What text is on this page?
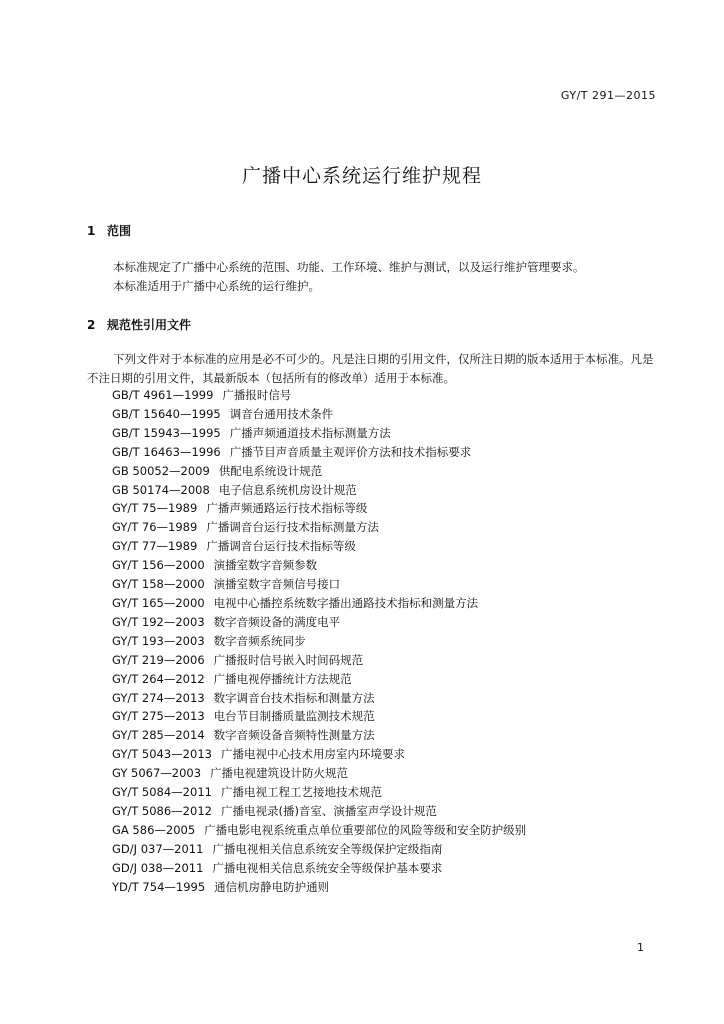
GY/T 291—2015
广播中心系统运行维护规程
1 范围
本标准规定了广播中心系统的范围、功能、工作环境、维护与测试，以及运行维护管理要求。
本标准适用于广播中心系统的运行维护。
2 规范性引用文件
下列文件对于本标准的应用是必不可少的。凡是注日期的引用文件，仅所注日期的版本适用于本标准。凡是不注日期的引用文件，其最新版本（包括所有的修改单）适用于本标准。
GB/T 4961—1999 广播报时信号
GB/T 15640—1995 调音台通用技术条件
GB/T 15943—1995 广播声频通道技术指标测量方法
GB/T 16463—1996 广播节目声音质量主观评价方法和技术指标要求
GB 50052—2009 供配电系统设计规范
GB 50174—2008 电子信息系统机房设计规范
GY/T 75—1989 广播声频通路运行技术指标等级
GY/T 76—1989 广播调音台运行技术指标测量方法
GY/T 77—1989 广播调音台运行技术指标等级
GY/T 156—2000 演播室数字音频参数
GY/T 158—2000 演播室数字音频信号接口
GY/T 165—2000 电视中心播控系统数字播出通路技术指标和测量方法
GY/T 192—2003 数字音频设备的满度电平
GY/T 193—2003 数字音频系统同步
GY/T 219—2006 广播报时信号嵌入时间码规范
GY/T 264—2012 广播电视停播统计方法规范
GY/T 274—2013 数字调音台技术指标和测量方法
GY/T 275—2013 电台节目制播质量监测技术规范
GY/T 285—2014 数字音频设备音频特性测量方法
GY/T 5043—2013 广播电视中心技术用房室内环境要求
GY 5067—2003 广播电视建筑设计防火规范
GY/T 5084—2011 广播电视工程工艺接地技术规范
GY/T 5086—2012 广播电视录(播)音室、演播室声学设计规范
GA 586—2005 广播电影电视系统重点单位重要部位的风险等级和安全防护级别
GD/J 037—2011 广播电视相关信息系统安全等级保护定级指南
GD/J 038—2011 广播电视相关信息系统安全等级保护基本要求
YD/T 754—1995 通信机房静电防护通则
1
